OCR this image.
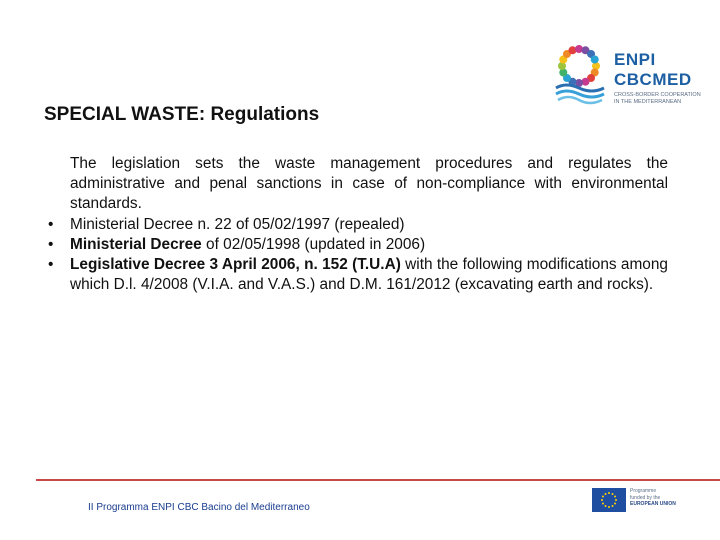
ENPI
CBCMED
CROSS-BORDER COOPERATION IN THE MEDITERRANEAN
SPECIAL WASTE: Regulations

The legislation sets the waste management procedures and regulates the administrative and penal sanctions in case of non-compliance with environmental standards.

• Ministerial Decree n. 22 of 05/02/1997 (repealed)
• Ministerial Decree of 02/05/1998 (updated in 2006)
• Legislative Decree 3 April 2006, n. 152 (T.U.A) with the following modifications among which D.l. 4/2008 (V.I.A. and V.A.S.) and D.M. 161/2012 (excavating earth and rocks).
II Programma ENPI CBC Bacino del Mediterraneo
Programme
funded by the
EUROPEAN UNION
